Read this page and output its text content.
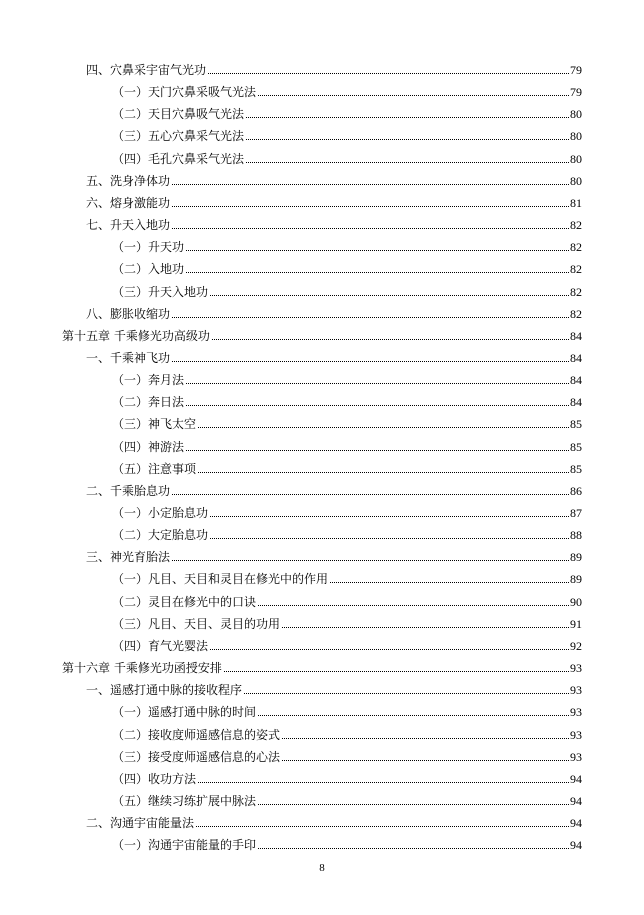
四、穴鼻采宇宙气光功	79
（一）天门穴鼻采吸气光法	79
（二）天目穴鼻吸气光法	80
（三）五心穴鼻采气光法	80
（四）毛孔穴鼻采气光法	80
五、洗身净体功	80
六、熔身激能功	81
七、升天入地功	82
（一）升天功	82
（二）入地功	82
（三）升天入地功	82
八、膨胀收缩功	82
第十五章 千乘修光功高级功	84
一、千乘神飞功	84
（一）奔月法	84
（二）奔日法	84
（三）神飞太空	85
（四）神游法	85
（五）注意事项	85
二、千乘胎息功	86
（一）小定胎息功	87
（二）大定胎息功	88
三、神光育胎法	89
（一）凡目、天目和灵目在修光中的作用	89
（二）灵目在修光中的口诀	90
（三）凡目、天目、灵目的功用	91
（四）育气光婴法	92
第十六章 千乘修光功函授安排	93
一、遥感打通中脉的接收程序	93
（一）遥感打通中脉的时间	93
（二）接收度师遥感信息的姿式	93
（三）接受度师遥感信息的心法	93
（四）收功方法	94
（五）继续习练扩展中脉法	94
二、沟通宇宙能量法	94
（一）沟通宇宙能量的手印	94
8
